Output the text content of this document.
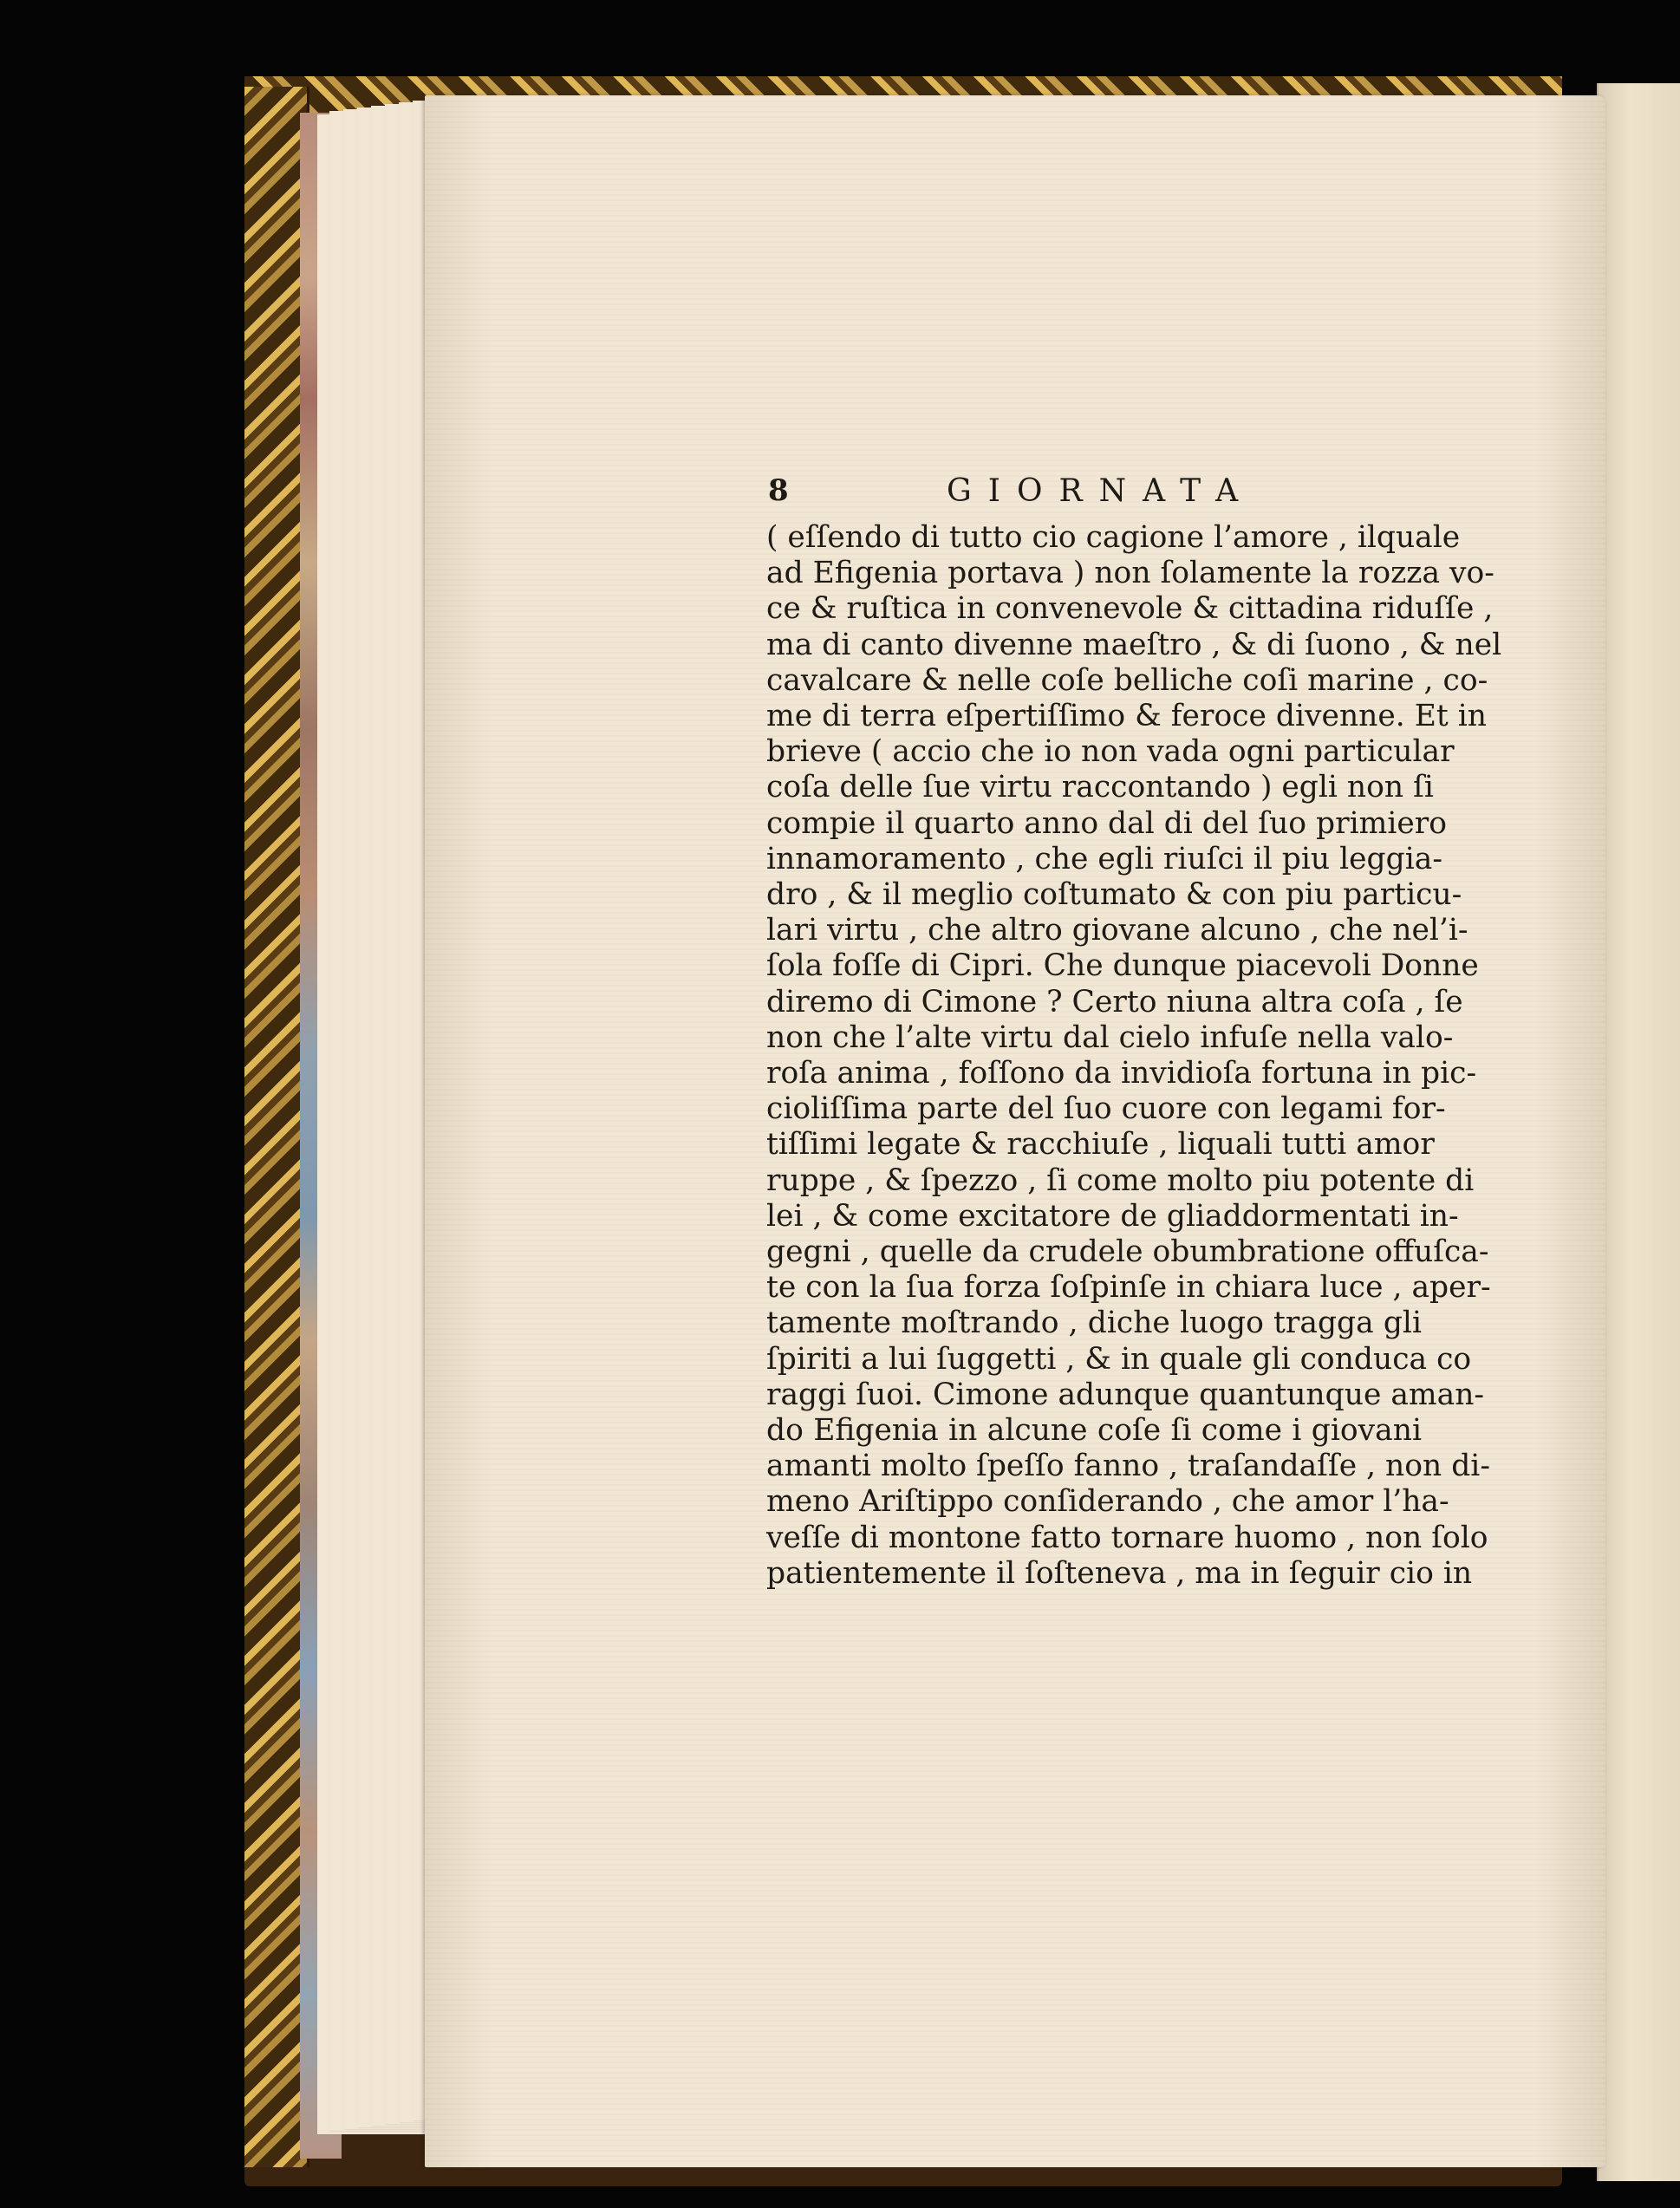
8	GIORNATA
( eſſendo di tutto cio cagione l’amore , ilquale
ad Efigenia portava ) non ſolamente la rozza vo-
ce & ruſtica in convenevole & cittadina riduſſe ,
ma di canto divenne maeſtro , & di ſuono , & nel
cavalcare & nelle coſe belliche coſi marine , co-
me di terra eſpertiſſimo & feroce divenne. Et in
brieve ( accio che io non vada ogni particular
coſa delle ſue virtu raccontando ) egli non ſi
compie il quarto anno dal di del ſuo primiero
innamoramento , che egli riuſci il piu leggia-
dro , & il meglio coſtumato & con piu particu-
lari virtu , che altro giovane alcuno , che nel’i-
ſola foſſe di Cipri. Che dunque piacevoli Donne
diremo di Cimone ? Certo niuna altra coſa , ſe
non che l’alte virtu dal cielo infuſe nella valo-
roſa anima , foſſono da invidioſa fortuna in pic-
cioliſſima parte del ſuo cuore con legami for-
tiſſimi legate & racchiuſe , liquali tutti amor
ruppe , & ſpezzo , ſi come molto piu potente di
lei , & come excitatore de gliaddormentati in-
gegni , quelle da crudele obumbratione offuſca-
te con la ſua forza ſoſpinſe in chiara luce , aper-
tamente moſtrando , diche luogo tragga gli
ſpiriti a lui ſuggetti , & in quale gli conduca co
raggi ſuoi. Cimone adunque quantunque aman-
do Efigenia in alcune coſe ſi come i giovani
amanti molto ſpeſſo fanno , traſandaſſe , non di-
meno Ariſtippo conſiderando , che amor l’ha-
veſſe di montone fatto tornare huomo , non ſolo
patientemente il ſoſteneva , ma in ſeguir cio in
